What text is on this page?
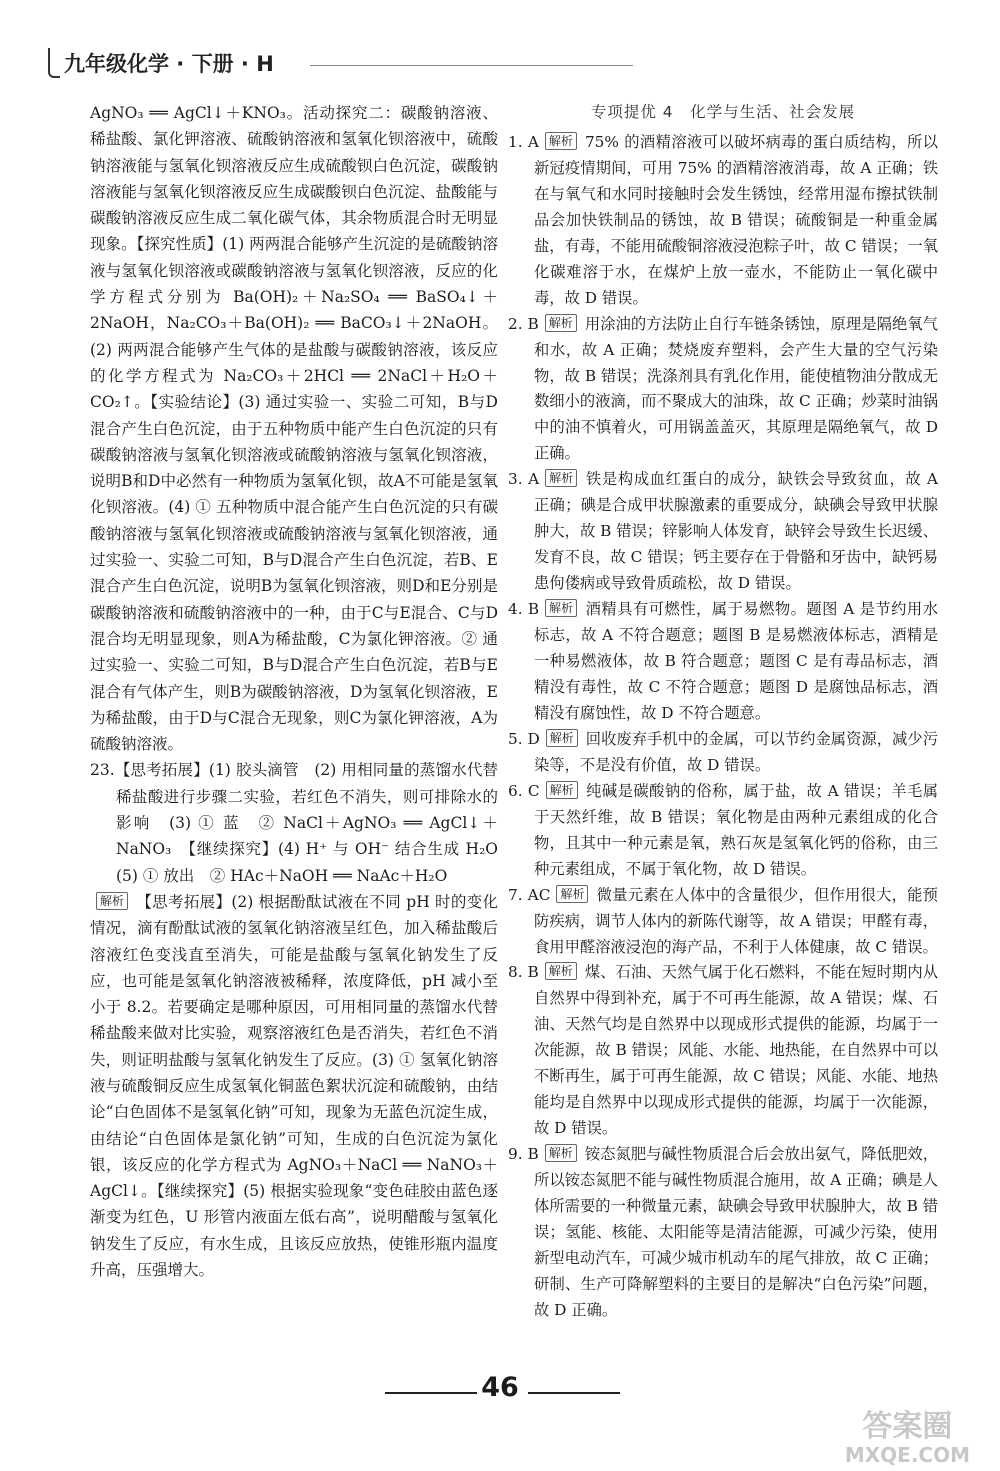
九年级化学 · 下册 · H

AgNO₃ ══ AgCl↓＋KNO₃。活动探究二：碳酸钠溶液、稀盐酸、氯化钾溶液、硫酸钠溶液和氢氧化钡溶液中，硫酸钠溶液能与氢氧化钡溶液反应生成硫酸钡白色沉淀，碳酸钠溶液能与氢氧化钡溶液反应生成碳酸钡白色沉淀、盐酸能与碳酸钠溶液反应生成二氧化碳气体，其余物质混合时无明显现象。【探究性质】(1) 两两混合能够产生沉淀的是硫酸钠溶液与氢氧化钡溶液或碳酸钠溶液与氢氧化钡溶液，反应的化学方程式分别为 Ba(OH)₂＋Na₂SO₄ ══ BaSO₄↓＋2NaOH，Na₂CO₃＋Ba(OH)₂ ══ BaCO₃↓＋2NaOH。(2) 两两混合能够产生气体的是盐酸与碳酸钠溶液，该反应的化学方程式为 Na₂CO₃＋2HCl ══ 2NaCl＋H₂O＋CO₂↑。【实验结论】(3) 通过实验一、实验二可知，B与D混合产生白色沉淀，由于五种物质中能产生白色沉淀的只有碳酸钠溶液与氢氧化钡溶液或硫酸钠溶液与氢氧化钡溶液，说明B和D中必然有一种物质为氢氧化钡，故A不可能是氢氧化钡溶液。(4) ① 五种物质中混合能产生白色沉淀的只有碳酸钠溶液与氢氧化钡溶液或硫酸钠溶液与氢氧化钡溶液，通过实验一、实验二可知，B与D混合产生白色沉淀，若B、E混合产生白色沉淀，说明B为氢氧化钡溶液，则D和E分别是碳酸钠溶液和硫酸钠溶液中的一种，由于C与E混合、C与D混合均无明显现象，则A为稀盐酸，C为氯化钾溶液。② 通过实验一、实验二可知，B与D混合产生白色沉淀，若B与E混合有气体产生，则B为碳酸钠溶液，D为氢氧化钡溶液，E为稀盐酸，由于D与C混合无现象，则C为氯化钾溶液，A为硫酸钠溶液。

23.【思考拓展】(1) 胶头滴管　(2) 用相同量的蒸馏水代替稀盐酸进行步骤二实验，若红色不消失，则可排除水的影响　(3) ① 蓝　② NaCl＋AgNO₃ ══ AgCl↓＋NaNO₃　【继续探究】(4) H⁺ 与 OH⁻ 结合生成 H₂O　(5) ① 放出　② HAc＋NaOH ══ NaAc＋H₂O

解析 【思考拓展】(2) 根据酚酞试液在不同 pH 时的变化情况，滴有酚酞试液的氢氧化钠溶液呈红色，加入稀盐酸后溶液红色变浅直至消失，可能是盐酸与氢氧化钠发生了反应，也可能是氢氧化钠溶液被稀释，浓度降低，pH 减小至小于 8.2。若要确定是哪种原因，可用相同量的蒸馏水代替稀盐酸来做对比实验，观察溶液红色是否消失，若红色不消失，则证明盐酸与氢氧化钠发生了反应。(3) ① 氢氧化钠溶液与硫酸铜反应生成氢氧化铜蓝色絮状沉淀和硫酸钠，由结论“白色固体不是氢氧化钠”可知，现象为无蓝色沉淀生成，由结论“白色固体是氯化钠”可知，生成的白色沉淀为氯化银，该反应的化学方程式为 AgNO₃＋NaCl ══ NaNO₃＋AgCl↓。【继续探究】(5) 根据实验现象“变色硅胶由蓝色逐渐变为红色，U 形管内液面左低右高”，说明醋酸与氢氧化钠发生了反应，有水生成，且该反应放热，使锥形瓶内温度升高，压强增大。

专项提优 4　化学与生活、社会发展

1. A 解析 75% 的酒精溶液可以破坏病毒的蛋白质结构，所以新冠疫情期间，可用 75% 的酒精溶液消毒，故 A 正确；铁在与氧气和水同时接触时会发生锈蚀，经常用湿布擦拭铁制品会加快铁制品的锈蚀，故 B 错误；硫酸铜是一种重金属盐，有毒，不能用硫酸铜溶液浸泡粽子叶，故 C 错误；一氧化碳难溶于水，在煤炉上放一壶水，不能防止一氧化碳中毒，故 D 错误。

2. B 解析 用涂油的方法防止自行车链条锈蚀，原理是隔绝氧气和水，故 A 正确；焚烧废弃塑料，会产生大量的空气污染物，故 B 错误；洗涤剂具有乳化作用，能使植物油分散成无数细小的液滴，而不聚成大的油珠，故 C 正确；炒菜时油锅中的油不慎着火，可用锅盖盖灭，其原理是隔绝氧气，故 D 正确。

3. A 解析 铁是构成血红蛋白的成分，缺铁会导致贫血，故 A 正确；碘是合成甲状腺激素的重要成分，缺碘会导致甲状腺肿大，故 B 错误；锌影响人体发育，缺锌会导致生长迟缓、发育不良，故 C 错误；钙主要存在于骨骼和牙齿中，缺钙易患佝偻病或导致骨质疏松，故 D 错误。

4. B 解析 酒精具有可燃性，属于易燃物。题图 A 是节约用水标志，故 A 不符合题意；题图 B 是易燃液体标志，酒精是一种易燃液体，故 B 符合题意；题图 C 是有毒品标志，酒精没有毒性，故 C 不符合题意；题图 D 是腐蚀品标志，酒精没有腐蚀性，故 D 不符合题意。

5. D 解析 回收废弃手机中的金属，可以节约金属资源，减少污染等，不是没有价值，故 D 错误。

6. C 解析 纯碱是碳酸钠的俗称，属于盐，故 A 错误；羊毛属于天然纤维，故 B 错误；氧化物是由两种元素组成的化合物，且其中一种元素是氧，熟石灰是氢氧化钙的俗称，由三种元素组成，不属于氧化物，故 D 错误。

7. AC 解析 微量元素在人体中的含量很少，但作用很大，能预防疾病，调节人体内的新陈代谢等，故 A 错误；甲醛有毒，食用甲醛溶液浸泡的海产品，不利于人体健康，故 C 错误。

8. B 解析 煤、石油、天然气属于化石燃料，不能在短时期内从自然界中得到补充，属于不可再生能源，故 A 错误；煤、石油、天然气均是自然界中以现成形式提供的能源，均属于一次能源，故 B 错误；风能、水能、地热能，在自然界中可以不断再生，属于可再生能源，故 C 错误；风能、水能、地热能均是自然界中以现成形式提供的能源，均属于一次能源，故 D 错误。

9. B 解析 铵态氮肥与碱性物质混合后会放出氨气，降低肥效，所以铵态氮肥不能与碱性物质混合施用，故 A 正确；碘是人体所需要的一种微量元素，缺碘会导致甲状腺肿大，故 B 错误；氢能、核能、太阳能等是清洁能源，可减少污染，使用新型电动汽车，可减少城市机动车的尾气排放，故 C 正确；研制、生产可降解塑料的主要目的是解决“白色污染”问题，故 D 正确。

46
答案圈
MXQE.COM
